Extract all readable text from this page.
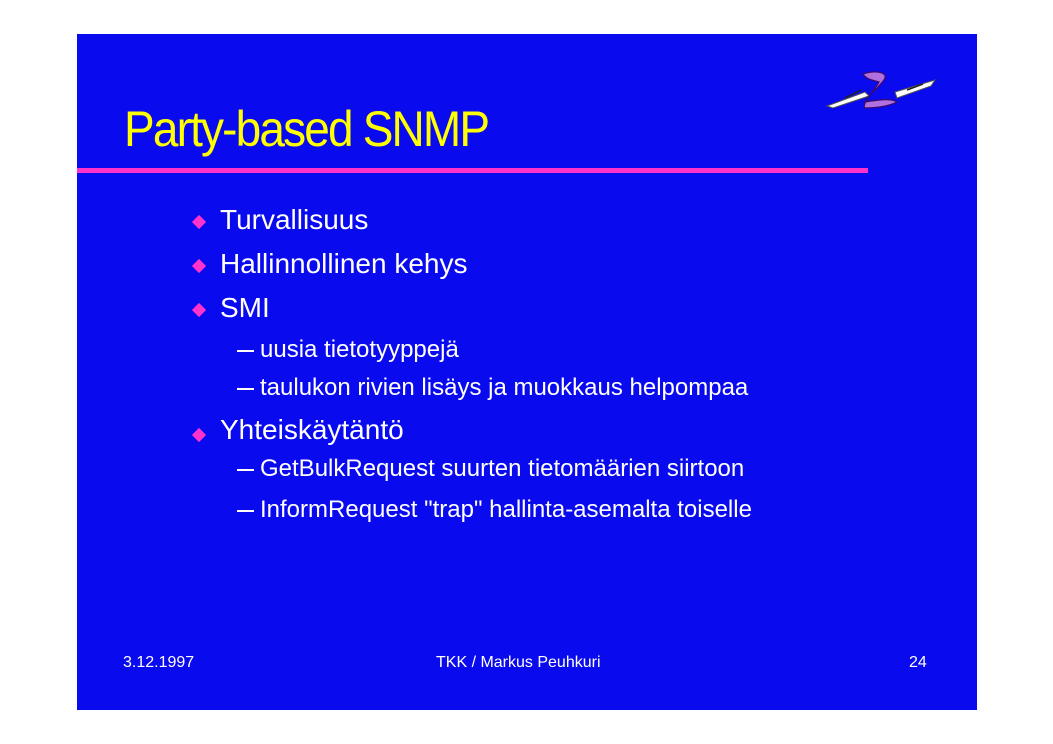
Party-based SNMP
Turvallisuus
Hallinnollinen kehys
SMI
uusia tietotyyppejä
taulukon rivien lisäys ja muokkaus helpompaa
Yhteiskäytäntö
GetBulkRequest suurten tietomäärien siirtoon
InformRequest "trap" hallinta-asemalta toiselle
3.12.1997	TKK / Markus Peuhkuri	24
